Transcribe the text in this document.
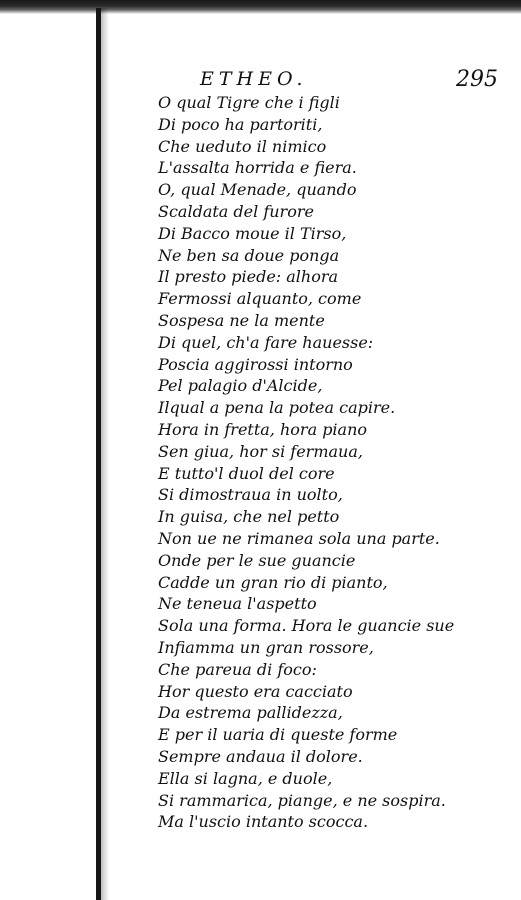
ETHEO.	295
O qual Tigre che i figli
Di poco ha partoriti,
Che ueduto il nimico
L'assalta horrida e fiera.
O, qual Menade, quando
Scaldata del furore
Di Bacco moue il Tirso,
Ne ben sa doue ponga
Il presto piede: alhora
Fermossi alquanto, come
Sospesa ne la mente
Di quel, ch'a fare hauesse:
Poscia aggirossi intorno
Pel palagio d'Alcide,
Ilqual a pena la potea capire.
Hora in fretta, hora piano
Sen giua, hor si fermaua,
E tutto'l duol del core
Si dimostraua in uolto,
In guisa, che nel petto
Non ue ne rimanea sola una parte.
Onde per le sue guancie
Cadde un gran rio di pianto,
Ne teneua l'aspetto
Sola una forma. Hora le guancie sue
Infiamma un gran rossore,
Che pareua di foco:
Hor questo era cacciato
Da estrema pallidezza,
E per il uaria di queste forme
Sempre andaua il dolore.
Ella si lagna, e duole,
Si rammarica, piange, e ne sospira.
Ma l'uscio intanto scocca.
